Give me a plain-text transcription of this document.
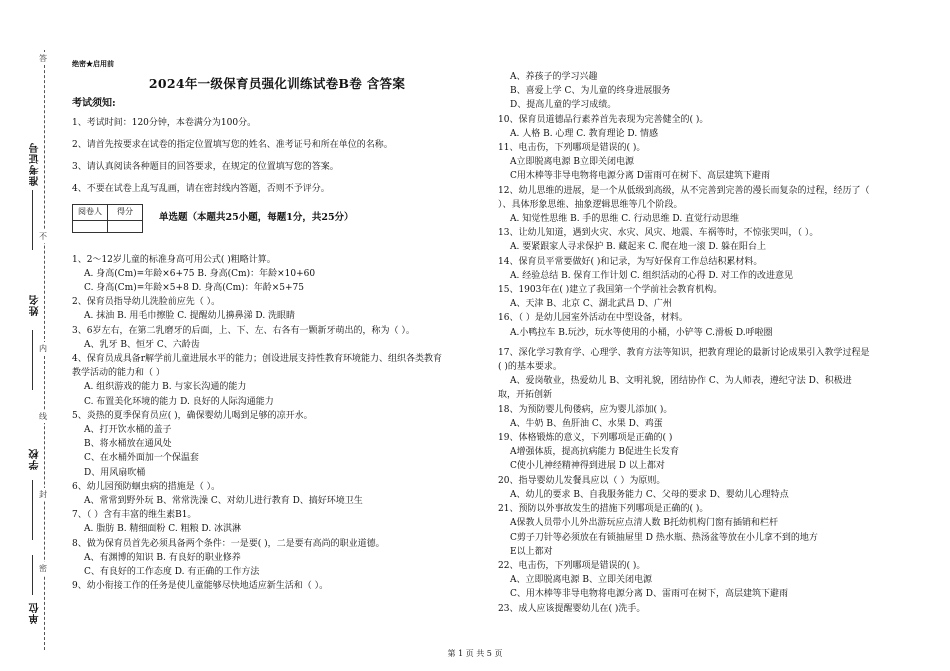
答
准考证号
不
姓名
内
线
学校
封
密
单位
绝密★启用前
2024年一级保育员强化训练试卷B卷 含答案
考试须知:

1、考试时间：120分钟，本卷满分为100分。

2、请首先按要求在试卷的指定位置填写您的姓名、准考证号和所在单位的名称。

3、请认真阅读各种题目的回答要求，在规定的位置填写您的答案。

4、不要在试卷上乱写乱画，请在密封线内答题，否则不予评分。

阅卷人	得分

单选题（本题共25小题，每题1分，共25分）
1、2～12岁儿童的标准身高可用公式( )粗略计算。
A. 身高(Cm)=年龄×6+75 B. 身高(Cm)：年龄×10+60
C. 身高(Cm)=年龄×5+8 D. 身高(Cm)：年龄×5+75
2、保育员指导幼儿洗脸前应先（ ）。
A. 抹油 B. 用毛巾擦脸 C. 提醒幼儿擤鼻涕 D. 洗眼睛
3、6岁左右，在第二乳磨牙的后面，上、下、左、右各有一颗新牙萌出的，称为（ ）。
A、乳牙 B、恒牙 C、六龄齿
4、保育员成具备r解学前儿童进展水平的能力；创设进展支持性教育环境能力、组织各类教育
教学活动的能力和（ ）
A. 组织游戏的能力 B. 与家长沟通的能力
C. 布置美化环境的能力 D. 良好的人际沟通能力
5、炎热的夏季保育员应( )，确保婴幼儿喝到足够的凉开水。
A、打开饮水桶的盖子
B、将水桶放在通风处
C、在水桶外面加一个保温套
D、用风扇吹桶
6、幼儿园预防蛔虫病的措施是（ ）。
A、常常到野外玩 B、常常洗澡 C、对幼儿进行教育 D、搞好环境卫生
7、（ ）含有丰富的维生素B1。
A. 脂肪 B. 精细面粉 C. 粗粮 D. 冰淇淋
8、做为保育员首先必须具备两个条件：一是要( )，二是要有高尚的职业道德。
A、有渊博的知识 B. 有良好的职业修养
C、有良好的工作态度 D. 有正确的工作方法
9、幼小衔接工作的任务是使儿童能够尽快地适应新生活和（ ）。
A、养孩子的学习兴趣
B、喜爱上学 C、为儿童的终身进展服务
D、提高儿童的学习成绩。
10、保育员道德品行素养首先表现为完善健全的( )。
A. 人格 B. 心理 C. 教育理论 D. 情感
11、电击伤，下列哪项是错误的( )。
A立即脱离电源 B立即关闭电源
C用木棒等非导电物将电源分离 D雷雨可在树下、高层建筑下避雨
12、幼儿思维的进展，是一个从低级到高级，从不完善到完善的漫长而复杂的过程，经历了（
）、具体形象思维、抽象逻辑思维等几个阶段。
A. 知觉性思维 B. 手的思维 C. 行动思维 D. 直觉行动思维
13、让幼儿知道，遇到火灾、水灾、风灾、地震、车祸等时，不惊张哭叫，（ ）。
A. 要紧跟家人寻求保护 B. 藏起来 C. 爬在地一滚 D. 躲在阳台上
14、保育员平常要做好( )和记录，为写好保育工作总结积累材料。
A. 经验总结 B. 保育工作计划 C. 组织活动的心得 D. 对工作的改进意见
15、1903年在( )建立了我国第一个学前社会教育机构。
A、天津 B、北京 C、湖北武昌 D、广州
16、（ ）是幼儿园室外活动在中型设备，材料。
A.小鸭拉车 B.玩沙，玩水等使用的小桶，小铲等 C.滑板 D.呼啦圈
17、深化学习教育学、心理学、教育方法等知识，把教育理论的最新讨论成果引入教学过程是
( )的基本要求。
A、爱岗敬业，热爱幼儿 B、文明礼貌，团结协作 C、为人师表，遵纪守法 D、积极进
取，开拓创新
18、为预防婴儿佝偻病，应为婴儿添加( )。
A、牛奶 B、鱼肝油 C、水果 D、鸡蛋
19、体格锻炼的意义，下列哪项是正确的( )
A增强体质，提高抗病能力 B促进生长发育
C使小儿神经精神得到进展 D 以上都对
20、指导婴幼儿发餐具应以（ ）为原则。
A、幼儿的要求 B、自我服务能力 C、父母的要求 D、婴幼儿心理特点
21、预防以外事故发生的措施下列哪项是正确的( )。
A保教人员带小儿外出游玩应点清人数 B托幼机构门窗有插销和栏杆
C剪子刀针等必须放在有锁抽屉里 D 热水瓶、热汤盆等放在小儿拿不到的地方
E以上都对
22、电击伤，下列哪项是错误的( )。
A、立即脱离电源 B、立即关闭电源
C、用木棒等非导电物将电源分离 D、雷雨可在树下，高层建筑下避雨
23、成人应该提醒婴幼儿在( )洗手。
第 1 页 共 5 页
